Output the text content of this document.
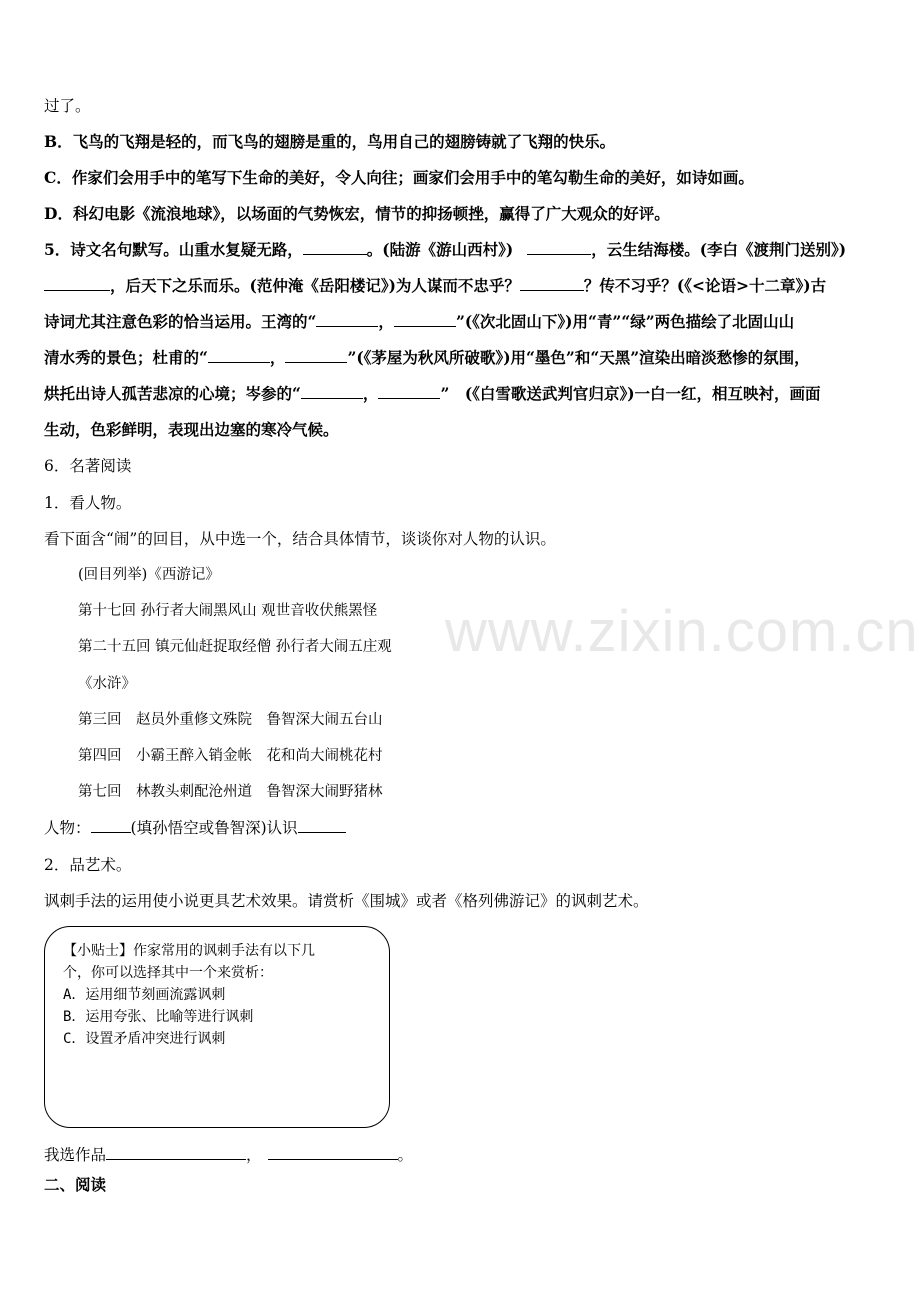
过了。

B．飞鸟的飞翔是轻的，而飞鸟的翅膀是重的，鸟用自己的翅膀铸就了飞翔的快乐。

C．作家们会用手中的笔写下生命的美好，令人向往；画家们会用手中的笔勾勒生命的美好，如诗如画。

D．科幻电影《流浪地球》，以场面的气势恢宏，情节的抑扬顿挫，赢得了广大观众的好评。

5．诗文名句默写。山重水复疑无路，	。(陆游《游山西村》)	，云生结海楼。(李白《渡荆门送别》)

，后天下之乐而乐。(范仲淹《岳阳楼记》)为人谋而不忠乎？	？传不习乎？(《<论语>十二章》)古

诗词尤其注意色彩的恰当运用。王湾的“	，	”(《次北固山下》)用“青”“绿”两色描绘了北固山山

清水秀的景色；杜甫的“	，	”(《茅屋为秋风所破歌》)用“墨色”和“天黑”渲染出暗淡愁惨的氛围，

烘托出诗人孤苦悲凉的心境；岑参的“	，	”　(《白雪歌送武判官归京》)一白一红，相互映衬，画面

生动，色彩鲜明，表现出边塞的寒冷气候。

6．名著阅读

1．看人物。

看下面含“闹”的回目，从中选一个，结合具体情节，谈谈你对人物的认识。

(回目列举)《西游记》

第十七回 孙行者大闹黑风山 观世音收伏熊罴怪

第二十五回 镇元仙赶捉取经僧 孙行者大闹五庄观

《水浒》

第三回　赵员外重修文殊院　鲁智深大闹五台山

第四回　小霸王醉入销金帐　花和尚大闹桃花村

第七回　林教头刺配沧州道　鲁智深大闹野猪林

人物：	(填孙悟空或鲁智深)认识

2．品艺术。

讽刺手法的运用使小说更具艺术效果。请赏析《围城》或者《格列佛游记》的讽刺艺术。

【小贴士】作家常用的讽刺手法有以下几

个，你可以选择其中一个来赏析：

A．运用细节刻画流露讽刺

B．运用夸张、比喻等进行讽刺

C．设置矛盾冲突进行讽刺

我选作品	，	。

二、阅读

www.zixin.com.cn
